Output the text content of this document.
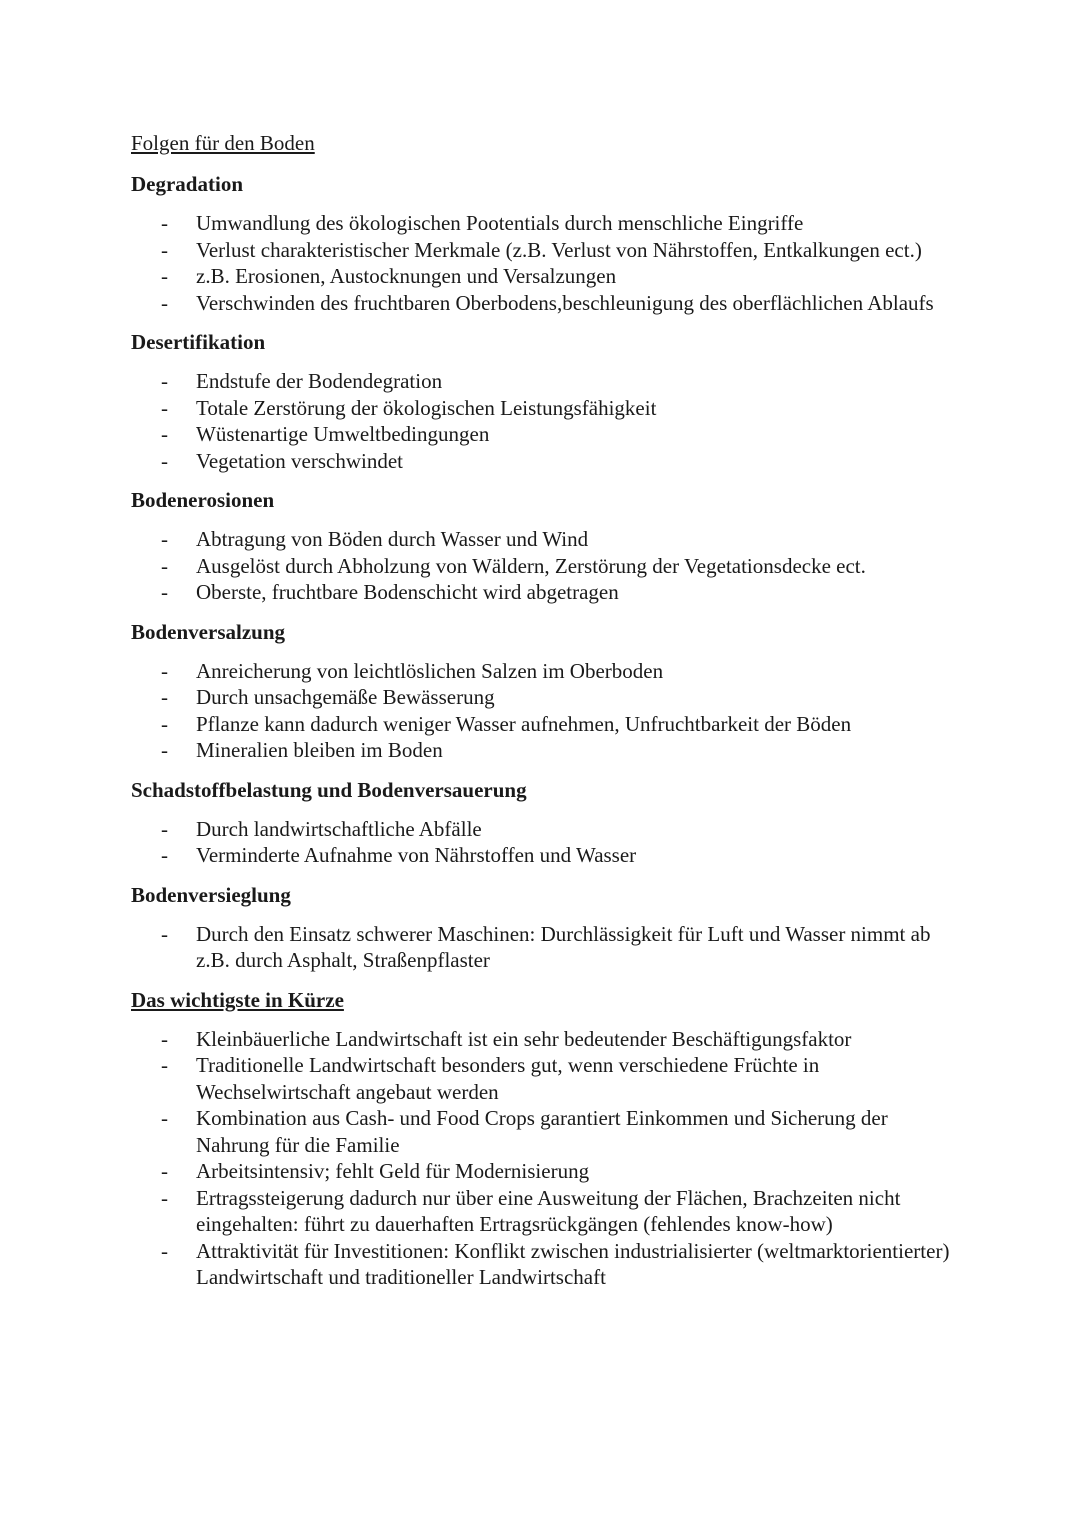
Folgen für den Boden
Degradation
- Umwandlung des ökologischen Pootentials durch menschliche Eingriffe
- Verlust charakteristischer Merkmale (z.B. Verlust von Nährstoffen, Entkalkungen ect.)
- z.B. Erosionen, Austocknungen und Versalzungen
- Verschwinden des fruchtbaren Oberbodens,beschleunigung des oberflächlichen Ablaufs
Desertifikation
- Endstufe der Bodendegration
- Totale Zerstörung der ökologischen Leistungsfähigkeit
- Wüstenartige Umweltbedingungen
- Vegetation verschwindet
Bodenerosionen
- Abtragung von Böden durch Wasser und Wind
- Ausgelöst durch Abholzung von Wäldern, Zerstörung der Vegetationsdecke ect.
- Oberste, fruchtbare Bodenschicht wird abgetragen
Bodenversalzung
- Anreicherung von leichtlöslichen Salzen im Oberboden
- Durch unsachgemäße Bewässerung
- Pflanze kann dadurch weniger Wasser aufnehmen, Unfruchtbarkeit der Böden
- Mineralien bleiben im Boden
Schadstoffbelastung und Bodenversauerung
- Durch landwirtschaftliche Abfälle
- Verminderte Aufnahme von Nährstoffen und Wasser
Bodenversieglung
- Durch den Einsatz schwerer Maschinen: Durchlässigkeit für Luft und Wasser nimmt ab z.B. durch Asphalt, Straßenpflaster
Das wichtigste in Kürze
- Kleinbäuerliche Landwirtschaft ist ein sehr bedeutender Beschäftigungsfaktor
- Traditionelle Landwirtschaft besonders gut, wenn verschiedene Früchte in Wechselwirtschaft angebaut werden
- Kombination aus Cash- und Food Crops garantiert Einkommen und Sicherung der Nahrung für die Familie
- Arbeitsintensiv; fehlt Geld für Modernisierung
- Ertragssteigerung dadurch nur über eine Ausweitung der Flächen, Brachzeiten nicht eingehalten: führt zu dauerhaften Ertragsrückgängen (fehlendes know-how)
- Attraktivität für Investitionen: Konflikt zwischen industrialisierter (weltmarktorientierter) Landwirtschaft und traditioneller Landwirtschaft
